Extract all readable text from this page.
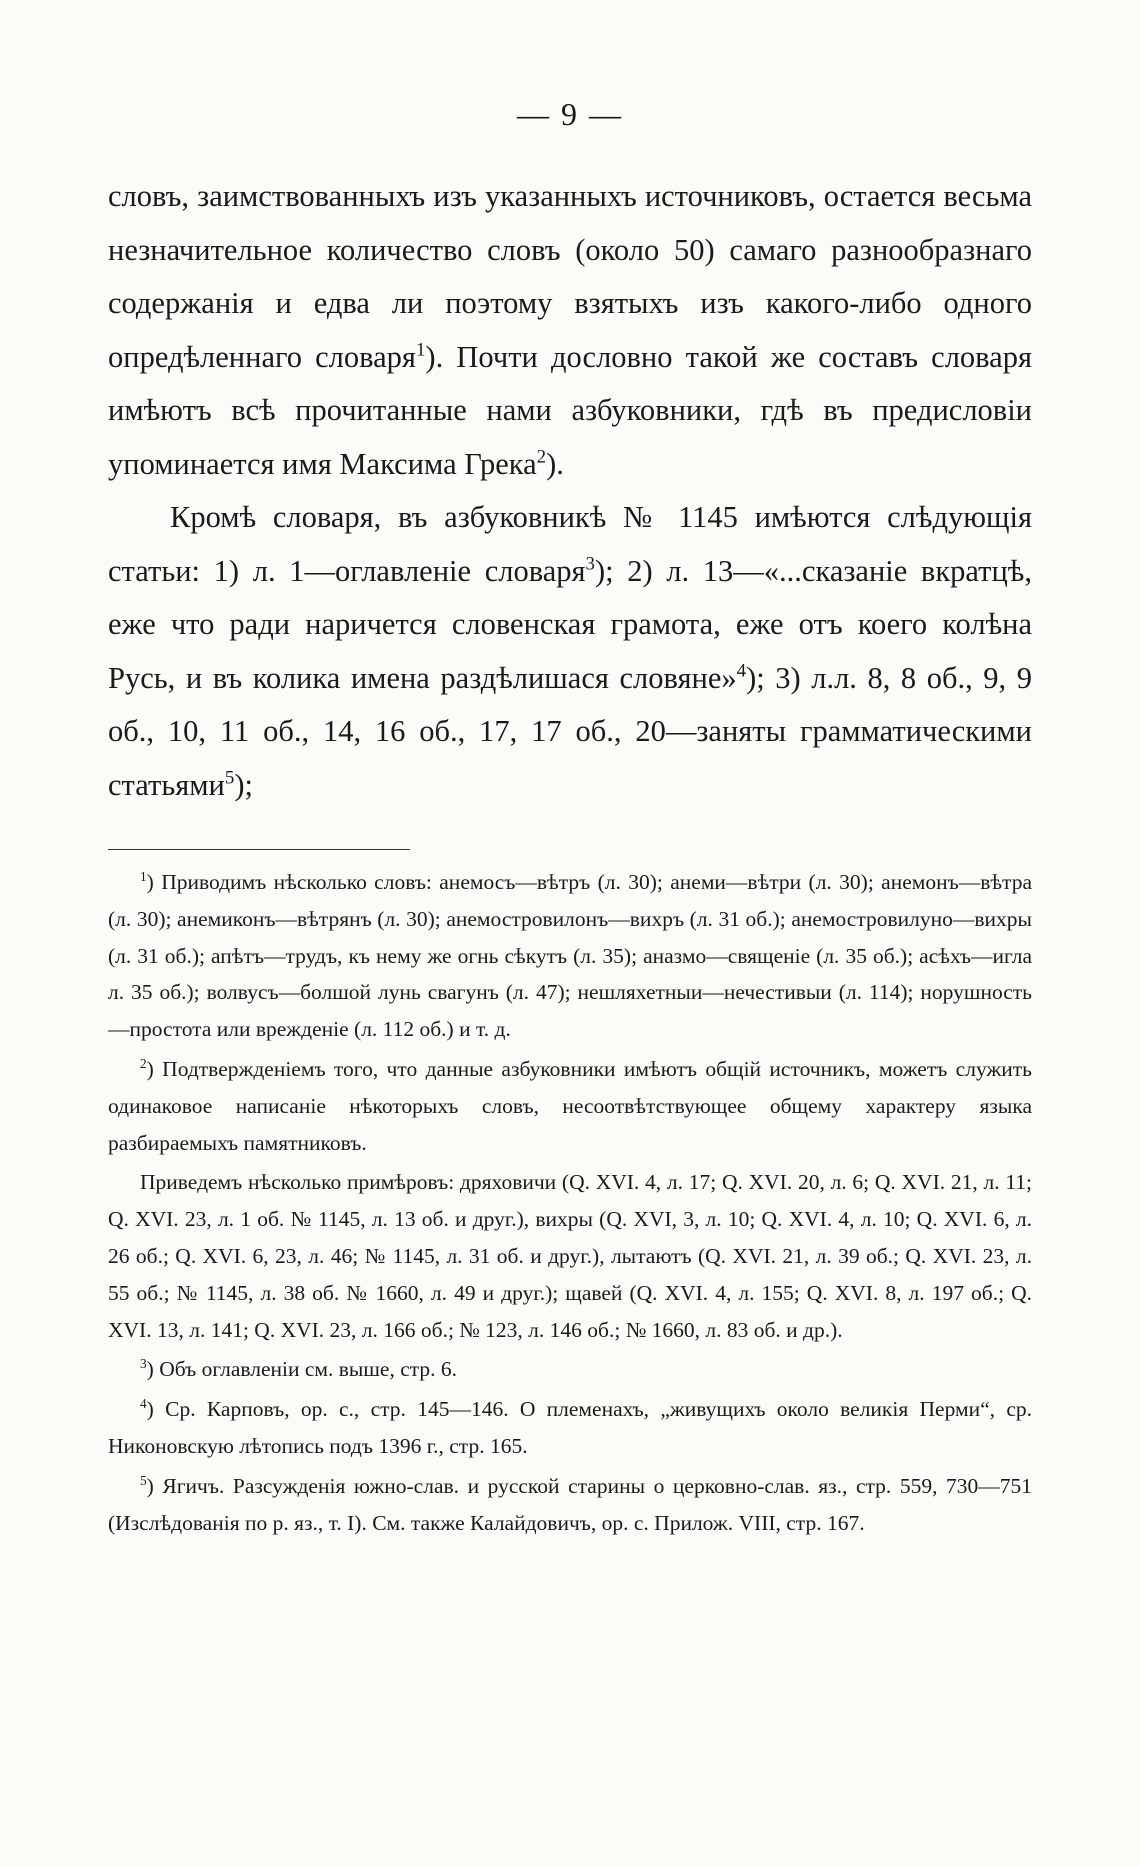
— 9 —

словъ, заимствованныхъ изъ указанныхъ источниковъ, остается весьма незначительное количество словъ (около 50) самаго разнообразнаго содержанія и едва ли поэтому взятыхъ изъ какого-либо одного опредѣленнаго словаря$^1$). Почти дословно такой же составъ словаря имѣютъ всѣ прочитанные нами азбуковники, гдѣ въ предисловіи упоминается имя Максима Грека$^2$).

Кромѣ словаря, въ азбуковникѣ № 1145 имѣются слѣдующія статьи: 1) л. 1—оглавленіе словаря$^3$); 2) л. 13—«...сказаніе вкратцѣ, еже что ради наричется словенская грамота, еже отъ коего колѣна Русь, и въ колика имена раздѣлишася словяне»$^4$); 3) л.л. 8, 8 об., 9, 9 об., 10, 11 об., 14, 16 об., 17, 17 об., 20—заняты грамматическими статьями$^5$);

$^1$) Приводимъ нѣсколько словъ: анемосъ—вѣтръ (л. 30); анеми—вѣтри (л. 30); анемонъ—вѣтра (л. 30); анемиконъ—вѣтрянъ (л. 30); анемостровилонъ—вихръ (л. 31 об.); анемостровилуно—вихры (л. 31 об.); апѣтъ—трудъ, къ нему же огнь сѣкутъ (л. 35); аназмо—священіе (л. 35 об.); асѣхъ—игла л. 35 об.); волвусъ—болшой лунь свагунъ (л. 47); нешляхетныи—нечестивыи (л. 114); норушность—простота или врежденіе (л. 112 об.) и т. д.

$^2$) Подтвержденіемъ того, что данные азбуковники имѣютъ общій источникъ, можетъ служить одинаковое написаніе нѣкоторыхъ словъ, несоотвѣтствующее общему характеру языка разбираемыхъ памятниковъ.

Приведемъ нѣсколько примѣровъ: дряховичи (Q. XVI. 4, л. 17; Q. XVI. 20, л. 6; Q. XVI. 21, л. 11; Q. XVI. 23, л. 1 об. № 1145, л. 13 об. и друг.), вихры (Q. XVI, 3, л. 10; Q. XVI. 4, л. 10; Q. XVI. 6, л. 26 об.; Q. XVI. 6, 23, л. 46; № 1145, л. 31 об. и друг.), лытаютъ (Q. XVI. 21, л. 39 об.; Q. XVI. 23, л. 55 об.; № 1145, л. 38 об. № 1660, л. 49 и друг.); щавей (Q. XVI. 4, л. 155; Q. XVI. 8, л. 197 об.; Q. XVI. 13, л. 141; Q. XVI. 23, л. 166 об.; № 123, л. 146 об.; № 1660, л. 83 об. и др.).

$^3$) Объ оглавленіи см. выше, стр. 6.

$^4$) Ср. Карповъ, ор. с., стр. 145—146. О племенахъ, „живущихъ около великія Перми“, ср. Никоновскую лѣтопись подъ 1396 г., стр. 165.

$^5$) Ягичъ. Разсужденія южно-слав. и русской старины о церковно-слав. яз., стр. 559, 730—751 (Изслѣдованія по р. яз., т. I). См. также Калайдовичъ, ор. с. Прилож. VIII, стр. 167.
